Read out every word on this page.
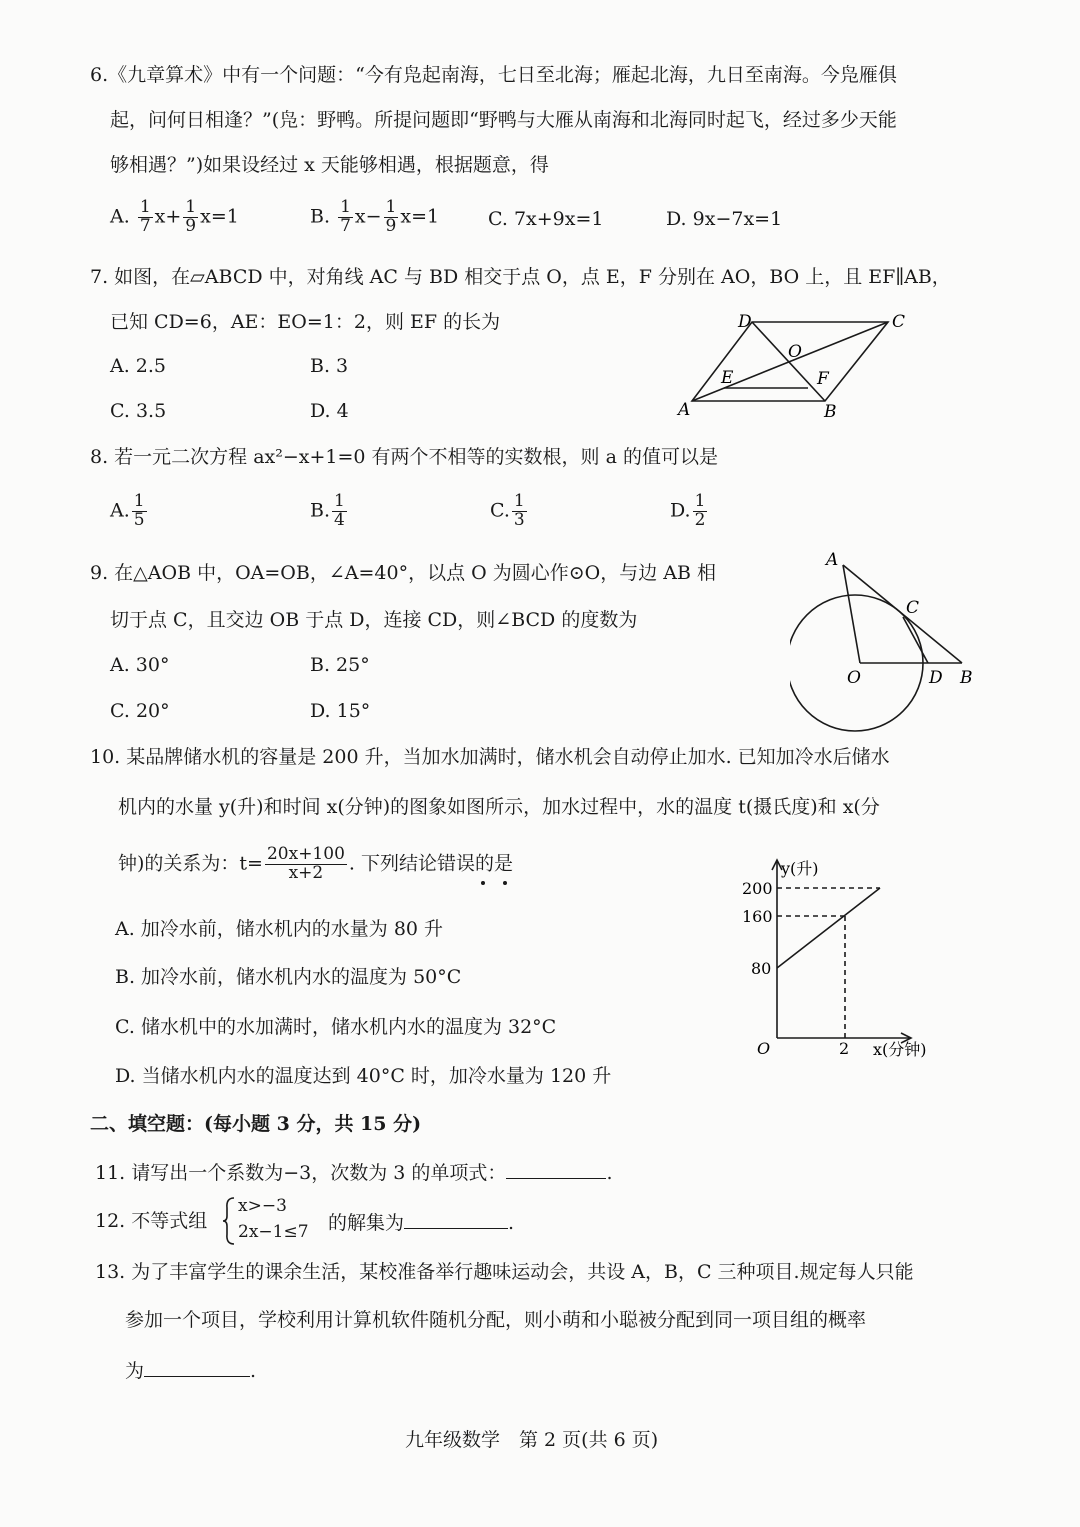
6.《九章算术》中有一个问题：“今有凫起南海，七日至北海；雁起北海，九日至南海。今凫雁俱
起，问何日相逢？”(凫：野鸭。所提问题即“野鸭与大雁从南海和北海同时起飞，经过多少天能
够相遇？”)如果设经过 x 天能够相遇，根据题意，得
A. $\frac{1}{7} x+ \frac{1}{9} x=1$	B. $\frac{1}{7} x- \frac{1}{9} x=1$	C. 7x+9x=1	D. 9x−7x=1
7. 如图，在▱ABCD 中，对角线 AC 与 BD 相交于点 O，点 E，F 分别在 AO，BO 上，且 EF∥AB，
已知 CD=6，AE：EO=1：2，则 EF 的长为
A. 2.5	B. 3
C. 3.5	D. 4	A	B
C
D
O
E	F
8. 若一元二次方程 ax²−x+1=0 有两个不相等的实数根，则 a 的值可以是
A. $\frac{1}{5}$	B. $\frac{1}{4}$	C. $\frac{1}{3}$	D. $\frac{1}{2}$
9. 在△AOB 中，OA=OB，∠A=40°，以点 O 为圆心作⊙O，与边 AB 相
切于点 C，且交边 OB 于点 D，连接 CD，则∠BCD 的度数为
A. 30°	B. 25°
C. 20°	D. 15°
A
C
O	D B
10. 某品牌储水机的容量是 200 升，当加水加满时，储水机会自动停止加水. 已知加冷水后储水
机内的水量 y(升)和时间 x(分钟)的图象如图所示，加水过程中，水的温度 t(摄氏度)和 x(分
钟)的关系为：$t= \frac{20x+100}{x+2}$ . 下列结论错误的是
A. 加冷水前，储水机内的水量为 80 升
B. 加冷水前，储水机内水的温度为 50°C
C. 储水机中的水加满时，储水机内水的温度为 32°C
D. 当储水机内水的温度达到 40°C 时，加冷水量为 120 升
y(升)
x(分钟)
O
200
160
80
2
二、填空题：(每小题 3 分，共 15 分)
11. 请写出一个系数为−3，次数为 3 的单项式：	.
12. 不等式组
x>−3
2x−1≤7 的解集为	.
13. 为了丰富学生的课余生活，某校准备举行趣味运动会，共设 A，B，C 三种项目.规定每人只能
参加一个项目，学校利用计算机软件随机分配，则小萌和小聪被分配到同一项目组的概率
为	.
九年级数学　第 2 页(共 6 页)
